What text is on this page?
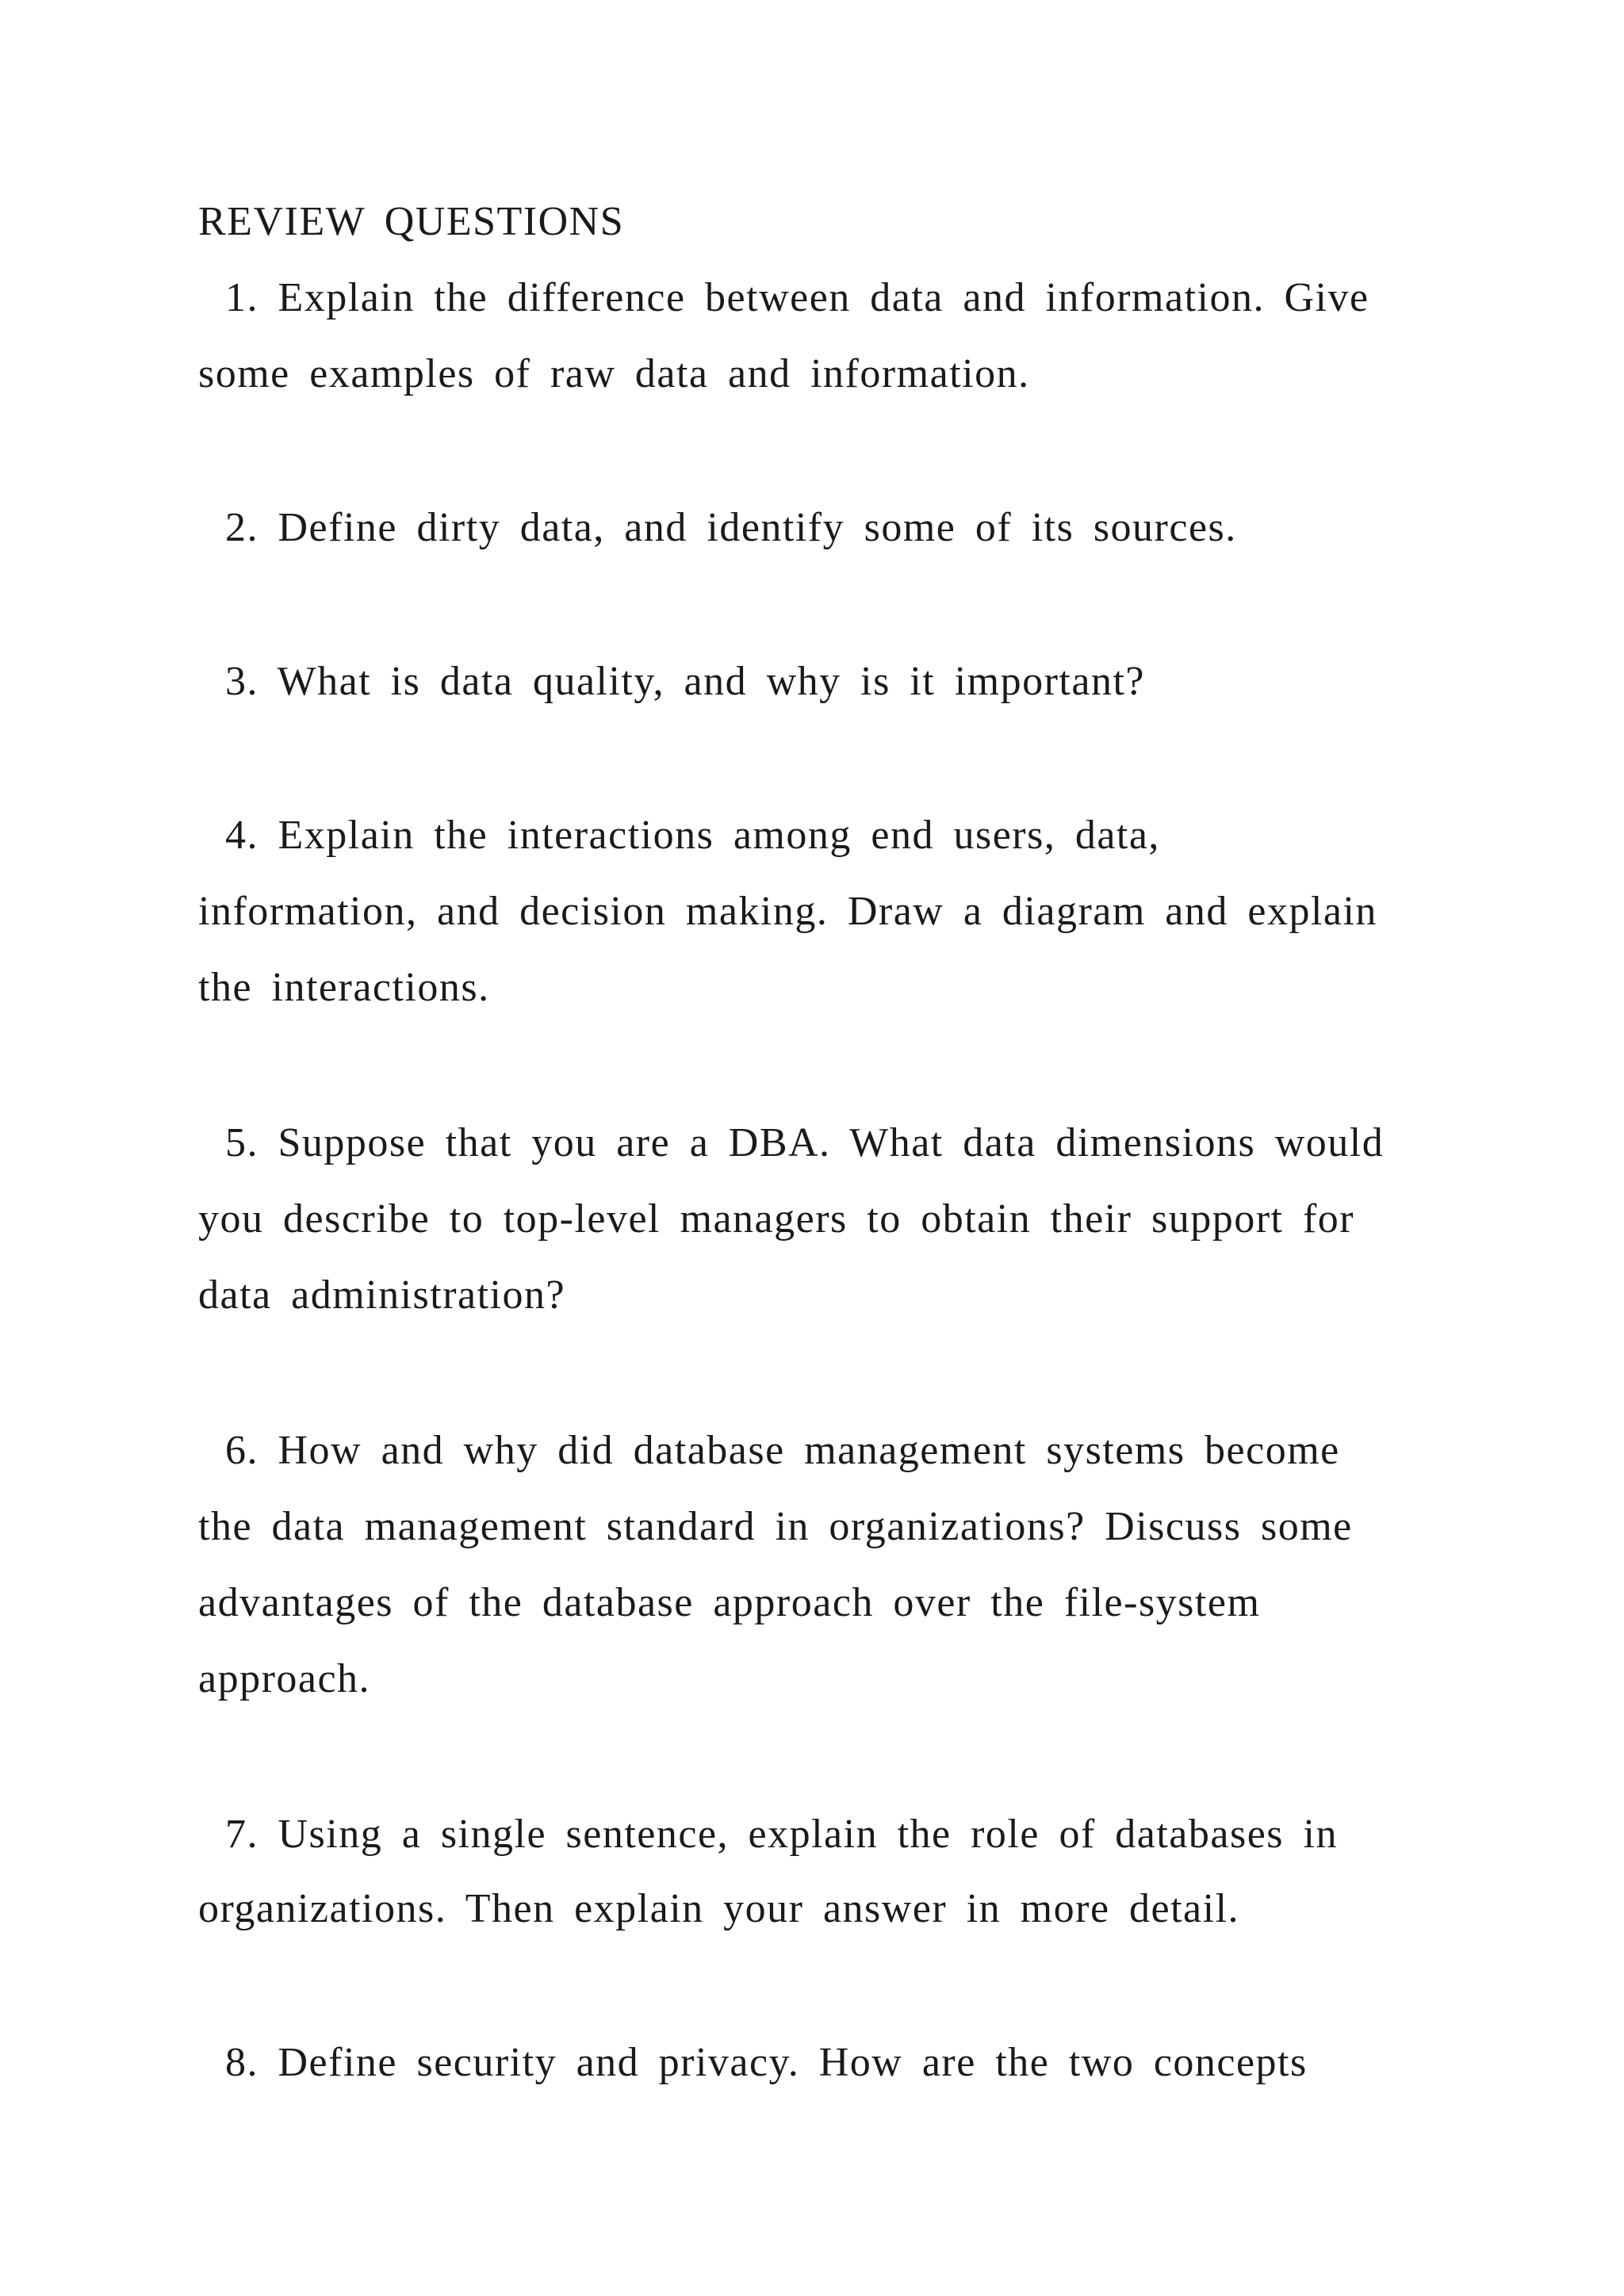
REVIEW QUESTIONS
1. Explain the difference between data and information. Give
some examples of raw data and information.
2. Define dirty data, and identify some of its sources.
3. What is data quality, and why is it important?
4. Explain the interactions among end users, data,
information, and decision making. Draw a diagram and explain
the interactions.
5. Suppose that you are a DBA. What data dimensions would
you describe to top-level managers to obtain their support for
data administration?
6. How and why did database management systems become
the data management standard in organizations? Discuss some
advantages of the database approach over the file-system
approach.
7. Using a single sentence, explain the role of databases in
organizations. Then explain your answer in more detail.
8. Define security and privacy. How are the two concepts
